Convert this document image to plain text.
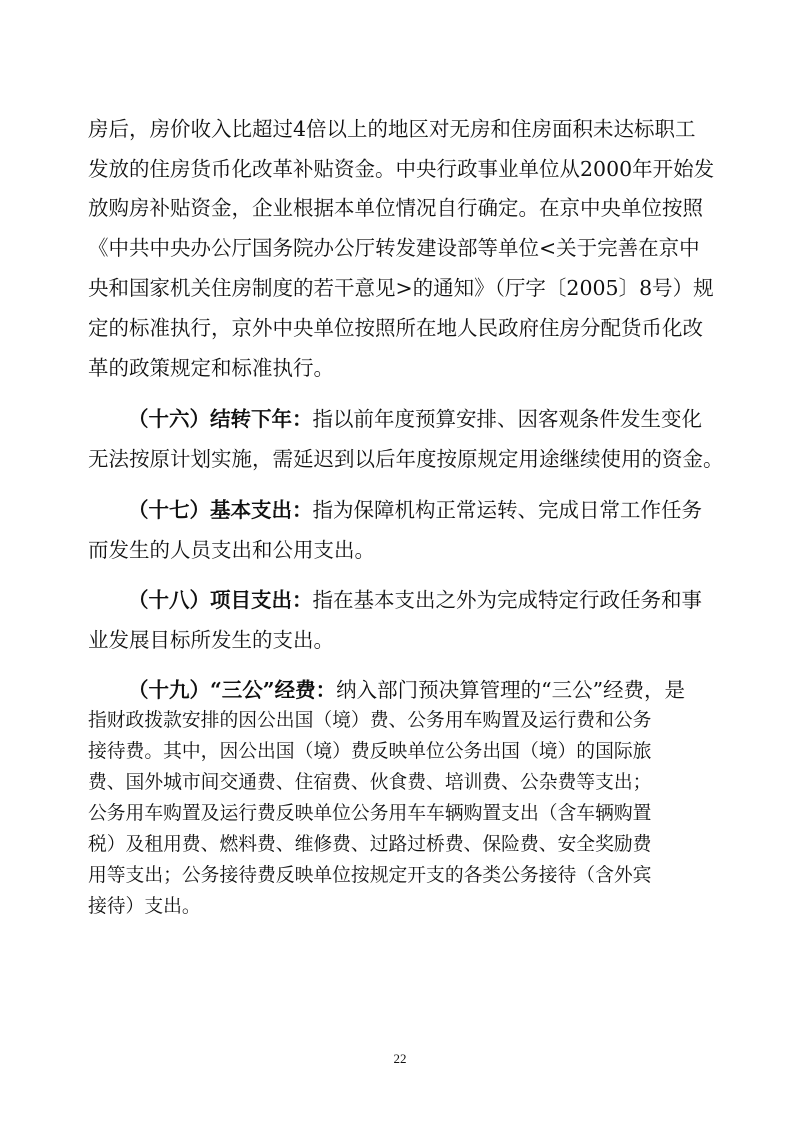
房后，房价收入比超过4倍以上的地区对无房和住房面积未达标职工

发放的住房货币化改革补贴资金。中央行政事业单位从2000年开始发

放购房补贴资金，企业根据本单位情况自行确定。在京中央单位按照

《中共中央办公厅国务院办公厅转发建设部等单位<关于完善在京中

央和国家机关住房制度的若干意见>的通知》（厅字〔2005〕8号）规

定的标准执行，京外中央单位按照所在地人民政府住房分配货币化改

革的政策规定和标准执行。

（十六）结转下年：指以前年度预算安排、因客观条件发生变化

无法按原计划实施，需延迟到以后年度按原规定用途继续使用的资金。

（十七）基本支出：指为保障机构正常运转、完成日常工作任务

而发生的人员支出和公用支出。

（十八）项目支出：指在基本支出之外为完成特定行政任务和事

业发展目标所发生的支出。

（十九）“三公”经费：纳入部门预决算管理的“三公”经费，是

指财政拨款安排的因公出国（境）费、公务用车购置及运行费和公务

接待费。其中，因公出国（境）费反映单位公务出国（境）的国际旅

费、国外城市间交通费、住宿费、伙食费、培训费、公杂费等支出；

公务用车购置及运行费反映单位公务用车车辆购置支出（含车辆购置

税）及租用费、燃料费、维修费、过路过桥费、保险费、安全奖励费

用等支出；公务接待费反映单位按规定开支的各类公务接待（含外宾

接待）支出。

22
